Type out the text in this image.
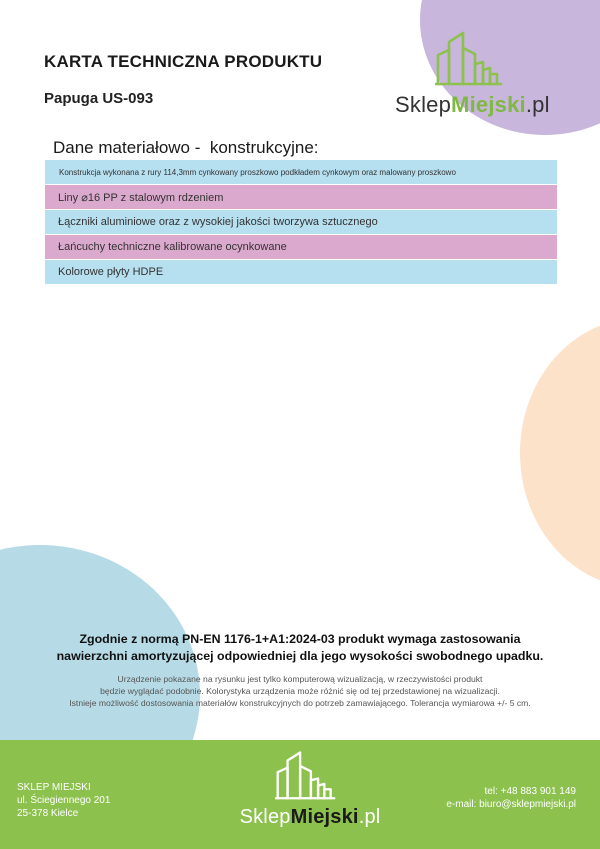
KARTA TECHNICZNA PRODUKTU
Papuga US-093	SklepMiejski.pl
Dane materiałowo -  konstrukcyjne:
Konstrukcja wykonana z rury 114,3mm cynkowany proszkowo podkładem cynkowym oraz malowany proszkowo
Liny ⌀16 PP z stalowym rdzeniem
Łączniki aluminiowe oraz z wysokiej jakości tworzywa sztucznego
Łańcuchy techniczne kalibrowane ocynkowane
Kolorowe płyty HDPE
Zgodnie z normą PN-EN 1176-1+A1:2024-03 produkt wymaga zastosowania
nawierzchni amortyzującej odpowiedniej dla jego wysokości swobodnego upadku.
Urządzenie pokazane na rysunku jest tylko komputerową wizualizacją, w rzeczywistości produkt
będzie wyglądać podobnie. Kolorystyka urządzenia może różnić się od tej przedstawionej na wizualizacji.
Istnieje możliwość dostosowania materiałów konstrukcyjnych do potrzeb zamawiającego. Tolerancja wymiarowa +/- 5 cm.
SKLEP MIEJSKI
ul. Ściegiennego 201
25-378 Kielce	SklepMiejski.pl
tel: +48 883 901 149
e-mail: biuro@sklepmiejski.pl
